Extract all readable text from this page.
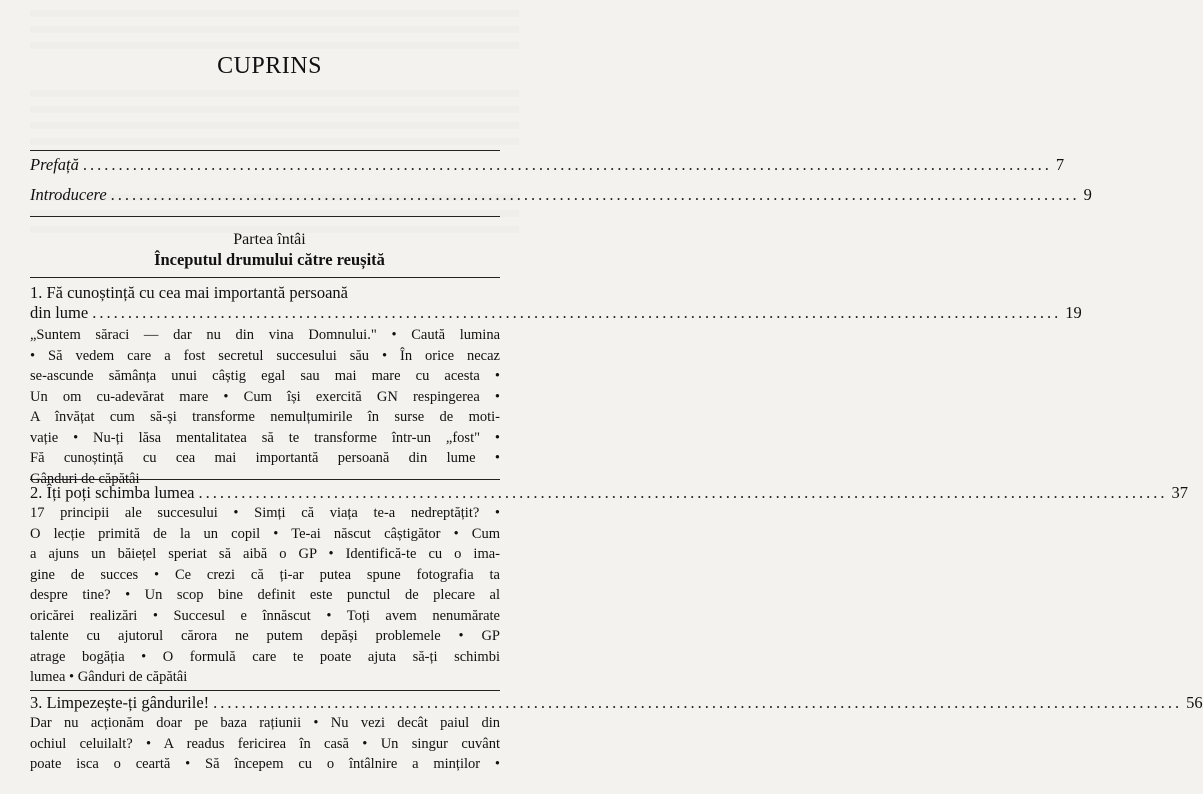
CUPRINS
Prefață ........................................................................................................................................ 7
Introducere ........................................................................................................................................ 9
Partea întâi
Începutul drumului către reușită
1. Fă cunoștință cu cea mai importantă persoană
din lume ........................................................................................................................................ 19
„Suntem săraci — dar nu din vina Domnului." • Caută lumina
• Să vedem care a fost secretul succesului său • În orice necaz
se-ascunde sămânța unui câștig egal sau mai mare cu acesta •
Un om cu-adevărat mare • Cum își exercită GN respingerea •
A învățat cum să-și transforme nemulțumirile în surse de moti-
vație • Nu-ți lăsa mentalitatea să te transforme într-un „fost" •
Fă cunoștință cu cea mai importantă persoană din lume •
Gânduri de căpătâi
2. Îți poți schimba lumea ........................................................................................................................................ 37
17 principii ale succesului • Simți că viața te-a nedreptățit? •
O lecție primită de la un copil • Te-ai născut câștigător • Cum
a ajuns un băiețel speriat să aibă o GP • Identifică-te cu o ima-
gine de succes • Ce crezi că ți-ar putea spune fotografia ta
despre tine? • Un scop bine definit este punctul de plecare al
oricărei realizări • Succesul e înnăscut • Toți avem nenumărate
talente cu ajutorul cărora ne putem depăși problemele • GP
atrage bogăția • O formulă care te poate ajuta să-ți schimbi
lumea • Gânduri de căpătâi
3. Limpezește-ți gândurile! ........................................................................................................................................ 56
Dar nu acționăm doar pe baza rațiunii • Nu vezi decât paiul din
ochiul celuilalt? • A readus fericirea în casă • Un singur cuvânt
poate isca o ceartă • Să începem cu o întâlnire a minților •
